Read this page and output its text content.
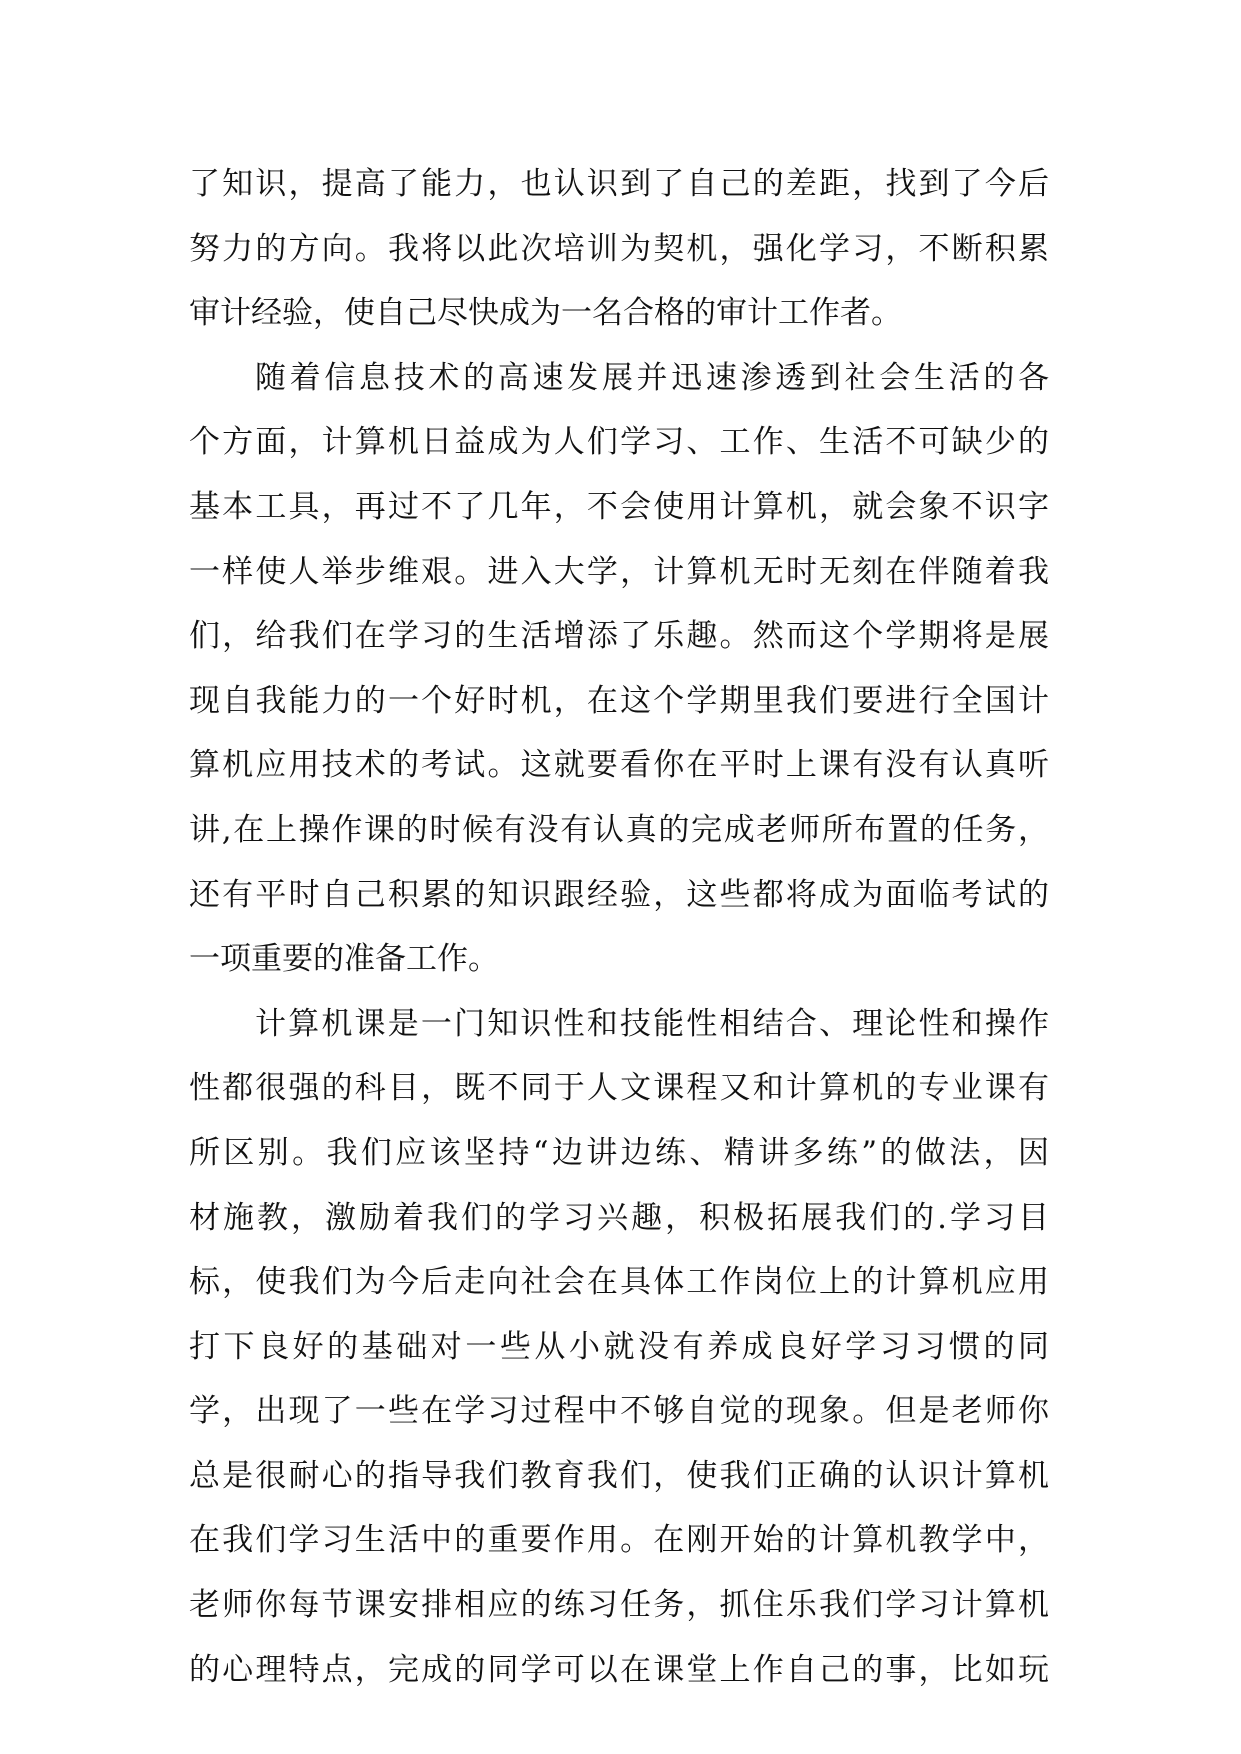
了知识，提高了能力，也认识到了自己的差距，找到了今后
努力的方向。我将以此次培训为契机，强化学习，不断积累
审计经验，使自己尽快成为一名合格的审计工作者。
随着信息技术的高速发展并迅速渗透到社会生活的各
个方面，计算机日益成为人们学习、工作、生活不可缺少的
基本工具，再过不了几年，不会使用计算机，就会象不识字
一样使人举步维艰。进入大学，计算机无时无刻在伴随着我
们，给我们在学习的生活增添了乐趣。然而这个学期将是展
现自我能力的一个好时机，在这个学期里我们要进行全国计
算机应用技术的考试。这就要看你在平时上课有没有认真听
讲,在上操作课的时候有没有认真的完成老师所布置的任务，
还有平时自己积累的知识跟经验，这些都将成为面临考试的
一项重要的准备工作。
计算机课是一门知识性和技能性相结合、理论性和操作
性都很强的科目，既不同于人文课程又和计算机的专业课有
所区别。我们应该坚持“边讲边练、精讲多练”的做法，因
材施教，激励着我们的学习兴趣，积极拓展我们的.学习目
标，使我们为今后走向社会在具体工作岗位上的计算机应用
打下良好的基础对一些从小就没有养成良好学习习惯的同
学，出现了一些在学习过程中不够自觉的现象。但是老师你
总是很耐心的指导我们教育我们，使我们正确的认识计算机
在我们学习生活中的重要作用。在刚开始的计算机教学中，
老师你每节课安排相应的练习任务，抓住乐我们学习计算机
的心理特点，完成的同学可以在课堂上作自己的事，比如玩
